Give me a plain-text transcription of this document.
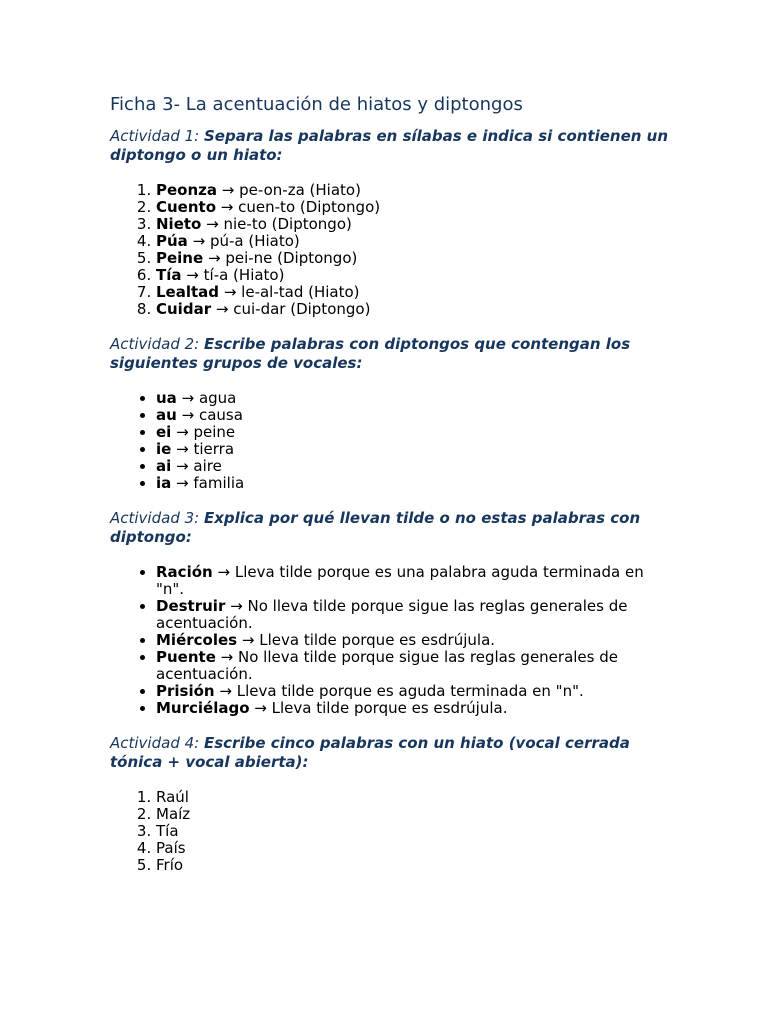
Ficha 3- La acentuación de hiatos y diptongos

Actividad 1: Separa las palabras en sílabas e indica si contienen un diptongo o un hiato:

1. Peonza → pe-on-za (Hiato)
2. Cuento → cuen-to (Diptongo)
3. Nieto → nie-to (Diptongo)
4. Púa → pú-a (Hiato)
5. Peine → pei-ne (Diptongo)
6. Tía → tí-a (Hiato)
7. Lealtad → le-al-tad (Hiato)
8. Cuidar → cui-dar (Diptongo)

Actividad 2: Escribe palabras con diptongos que contengan los siguientes grupos de vocales:

• ua → agua
• au → causa
• ei → peine
• ie → tierra
• ai → aire
• ia → familia

Actividad 3: Explica por qué llevan tilde o no estas palabras con diptongo:

• Ración → Lleva tilde porque es una palabra aguda terminada en "n".
• Destruir → No lleva tilde porque sigue las reglas generales de acentuación.
• Miércoles → Lleva tilde porque es esdrújula.
• Puente → No lleva tilde porque sigue las reglas generales de acentuación.
• Prisión → Lleva tilde porque es aguda terminada en "n".
• Murciélago → Lleva tilde porque es esdrújula.

Actividad 4: Escribe cinco palabras con un hiato (vocal cerrada tónica + vocal abierta):

1. Raúl
2. Maíz
3. Tía
4. País
5. Frío
